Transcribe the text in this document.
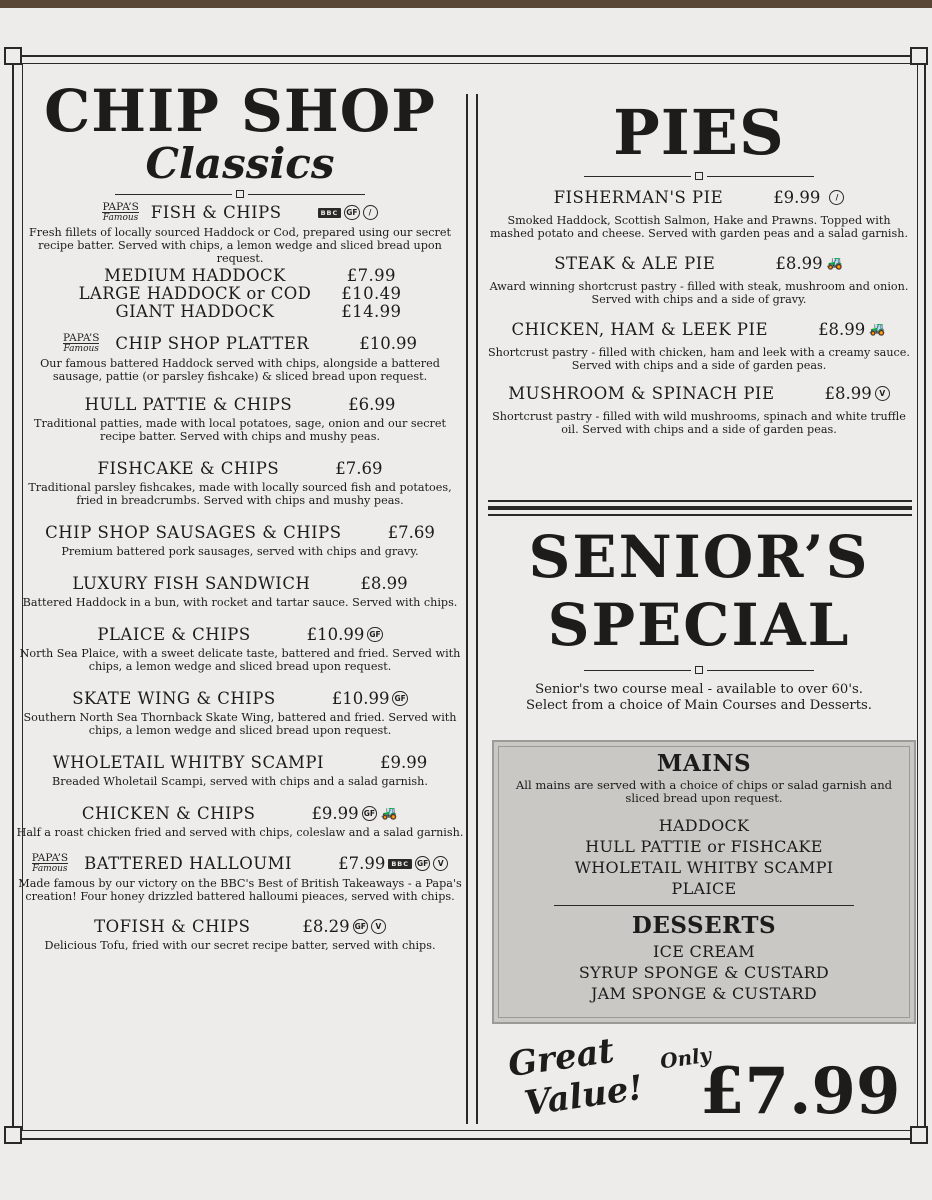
CHIP SHOP
Classics
PAPA’S
Famous FISH & CHIPS	BBC	GF	/
Fresh fillets of locally sourced Haddock or Cod, prepared using our secret recipe batter. Served with chips, a lemon wedge and sliced bread upon request.
MEDIUM HADDOCK	£7.99
LARGE HADDOCK or COD £10.49
GIANT HADDOCK	£14.99
PAPA’S
Famous CHIP SHOP PLATTER	£10.99
Our famous battered Haddock served with chips, alongside a battered sausage, pattie (or parsley fishcake) & sliced bread upon request.
HULL PATTIE & CHIPS	£6.99
Traditional patties, made with local potatoes, sage, onion and our secret recipe batter. Served with chips and mushy peas.
FISHCAKE & CHIPS	£7.69
Traditional parsley fishcakes, made with locally sourced fish and potatoes, fried in breadcrumbs. Served with chips and mushy peas.
CHIP SHOP SAUSAGES & CHIPS	£7.69
Premium battered pork sausages, served with chips and gravy.
LUXURY FISH SANDWICH	£8.99
Battered Haddock in a bun, with rocket and tartar sauce. Served with chips.
PLAICE & CHIPS	£10.99 GF
North Sea Plaice, with a sweet delicate taste, battered and fried. Served with chips, a lemon wedge and sliced bread upon request.
SKATE WING & CHIPS	£10.99 GF
Southern North Sea Thornback Skate Wing, battered and fried. Served with chips, a lemon wedge and sliced bread upon request.
WHOLETAIL WHITBY SCAMPI	£9.99
Breaded Wholetail Scampi, served with chips and a salad garnish.
CHICKEN & CHIPS	£9.99 GF 🚜
Half a roast chicken fried and served with chips, coleslaw and a salad garnish.
PAPA’S
Famous BATTERED HALLOUMI	£7.99 BBC	GF	V
Made famous by our victory on the BBC's Best of British Takeaways - a Papa's creation! Four honey drizzled battered halloumi pieaces, served with chips.
TOFISH & CHIPS	£8.29 GF	V
Delicious Tofu, fried with our secret recipe batter, served with chips.
PIES
FISHERMAN'S PIE	£9.99	/
Smoked Haddock, Scottish Salmon, Hake and Prawns. Topped with mashed potato and cheese. Served with garden peas and a salad garnish.
STEAK & ALE PIE	£8.99 🚜
Award winning shortcrust pastry - filled with steak, mushroom and onion. Served with chips and a side of gravy.
CHICKEN, HAM & LEEK PIE	£8.99 🚜
Shortcrust pastry - filled with chicken, ham and leek with a creamy sauce. Served with chips and a side of garden peas.
MUSHROOM & SPINACH PIE	£8.99	V
Shortcrust pastry - filled with wild mushrooms, spinach and white truffle oil. Served with chips and a side of garden peas.
SENIOR’S
SPECIAL
Senior's two course meal - available to over 60's. Select from a choice of Main Courses and Desserts.
MAINS
All mains are served with a choice of chips or salad garnish and sliced bread upon request.
HADDOCK
HULL PATTIE or FISHCAKE
WHOLETAIL WHITBY SCAMPI
PLAICE
DESSERTS
ICE CREAM
SYRUP SPONGE & CUSTARD
JAM SPONGE & CUSTARD
Great
Value!
Only
£7.99
